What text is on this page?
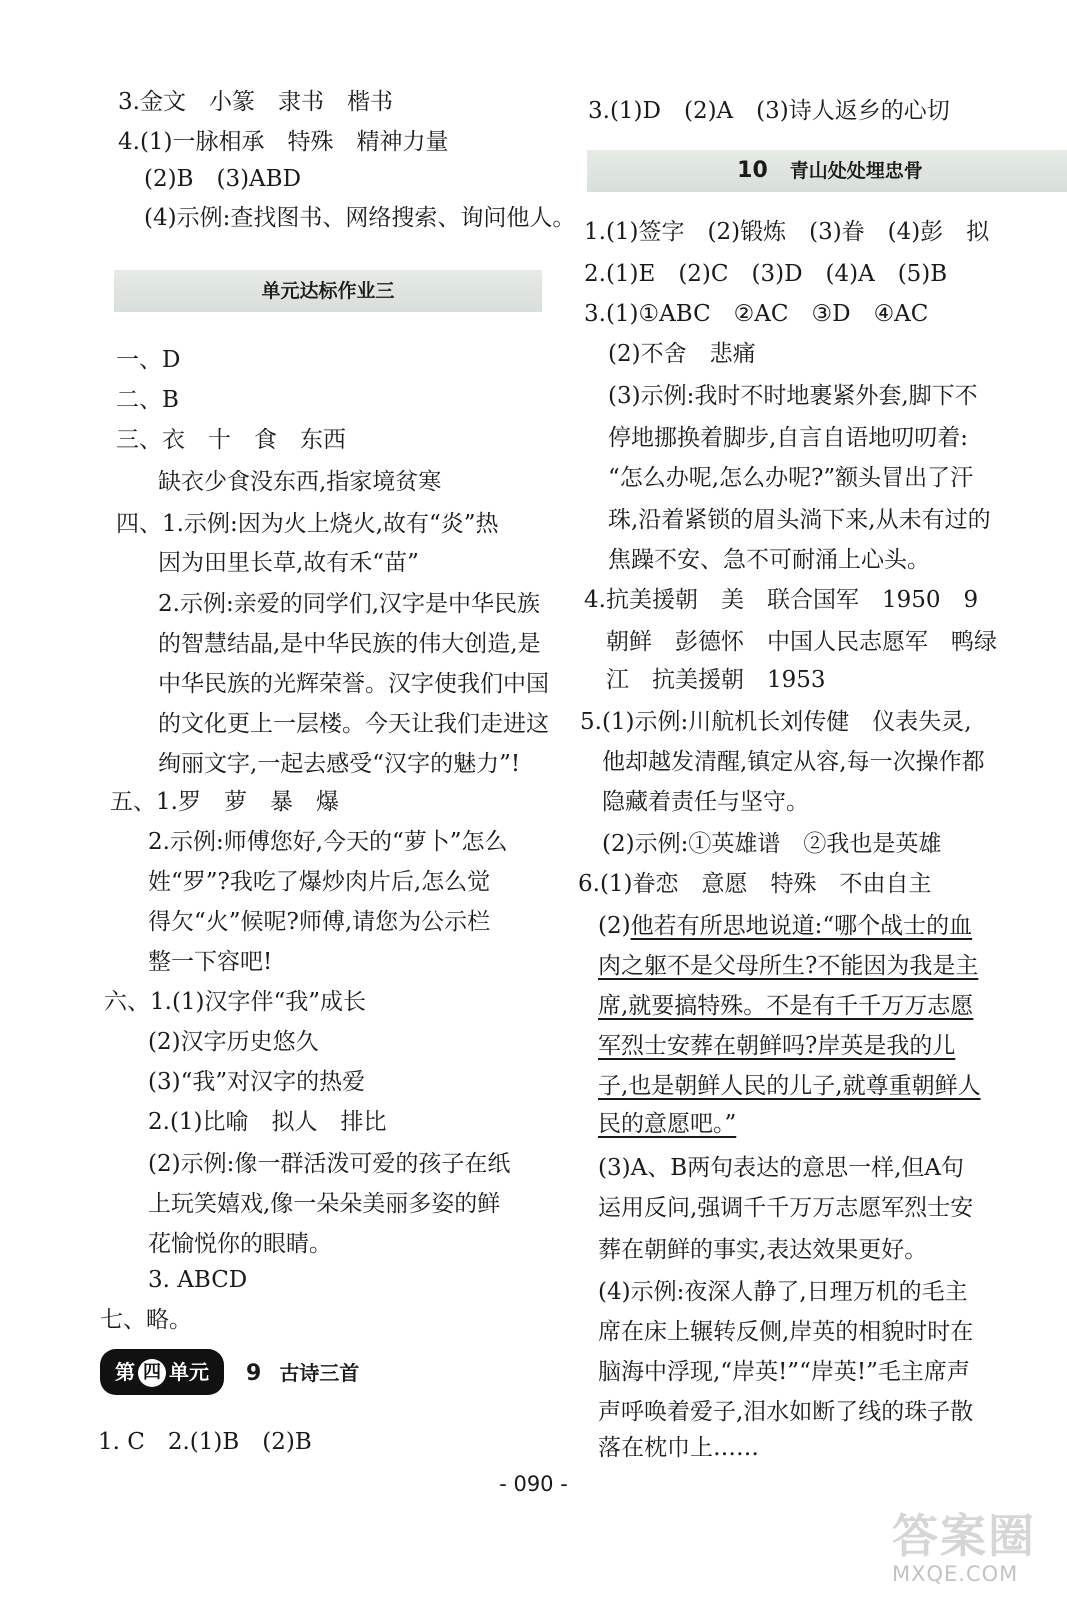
3.金文　小篆　隶书　楷书
4.(1)一脉相承　特殊　精神力量
(2)B　(3)ABD
(4)示例:查找图书、网络搜索、询问他人。
单元达标作业三
一、D
二、B
三、衣　十　食　东西
缺衣少食没东西,指家境贫寒
四、1.示例:因为火上烧火,故有“炎”热
因为田里长草,故有禾“苗”
2.示例:亲爱的同学们,汉字是中华民族
的智慧结晶,是中华民族的伟大创造,是
中华民族的光辉荣誉。汉字使我们中国
的文化更上一层楼。今天让我们走进这
绚丽文字,一起去感受“汉字的魅力”!
五、1.罗　萝　暴　爆
2.示例:师傅您好,今天的“萝卜”怎么
姓“罗”?我吃了爆炒肉片后,怎么觉
得欠“火”候呢?师傅,请您为公示栏
整一下容吧!
六、1.(1)汉字伴“我”成长
(2)汉字历史悠久
(3)“我”对汉字的热爱
2.(1)比喻　拟人　排比
(2)示例:像一群活泼可爱的孩子在纸
上玩笑嬉戏,像一朵朵美丽多姿的鲜
花愉悦你的眼睛。
3. ABCD
七、略。
第 四 单元	9 古诗三首
1. C　2.(1)B　(2)B
3.(1)D　(2)A　(3)诗人返乡的心切
10 青山处处埋忠骨
1.(1)签字　(2)锻炼　(3)眷　(4)彭　拟
2.(1)E　(2)C　(3)D　(4)A　(5)B
3.(1)①ABC　②AC　③D　④AC
(2)不舍　悲痛
(3)示例:我时不时地裹紧外套,脚下不
停地挪换着脚步,自言自语地叨叨着:
“怎么办呢,怎么办呢?”额头冒出了汗
珠,沿着紧锁的眉头淌下来,从未有过的
焦躁不安、急不可耐涌上心头。
4.抗美援朝　美　联合国军　1950　9
朝鲜　彭德怀　中国人民志愿军　鸭绿
江　抗美援朝　1953
5.(1)示例:川航机长刘传健　仪表失灵,
他却越发清醒,镇定从容,每一次操作都
隐藏着责任与坚守。
(2)示例:①英雄谱　②我也是英雄
6.(1)眷恋　意愿　特殊　不由自主
(2)他若有所思地说道:“哪个战士的血
肉之躯不是父母所生?不能因为我是主
席,就要搞特殊。不是有千千万万志愿
军烈士安葬在朝鲜吗?岸英是我的儿
子,也是朝鲜人民的儿子,就尊重朝鲜人
民的意愿吧。”
(3)A、B两句表达的意思一样,但A句
运用反问,强调千千万万志愿军烈士安
葬在朝鲜的事实,表达效果更好。
(4)示例:夜深人静了,日理万机的毛主
席在床上辗转反侧,岸英的相貌时时在
脑海中浮现,“岸英!”“岸英!”毛主席声
声呼唤着爱子,泪水如断了线的珠子散
落在枕巾上……
- 090 -
答案圈
MXQE.COM
